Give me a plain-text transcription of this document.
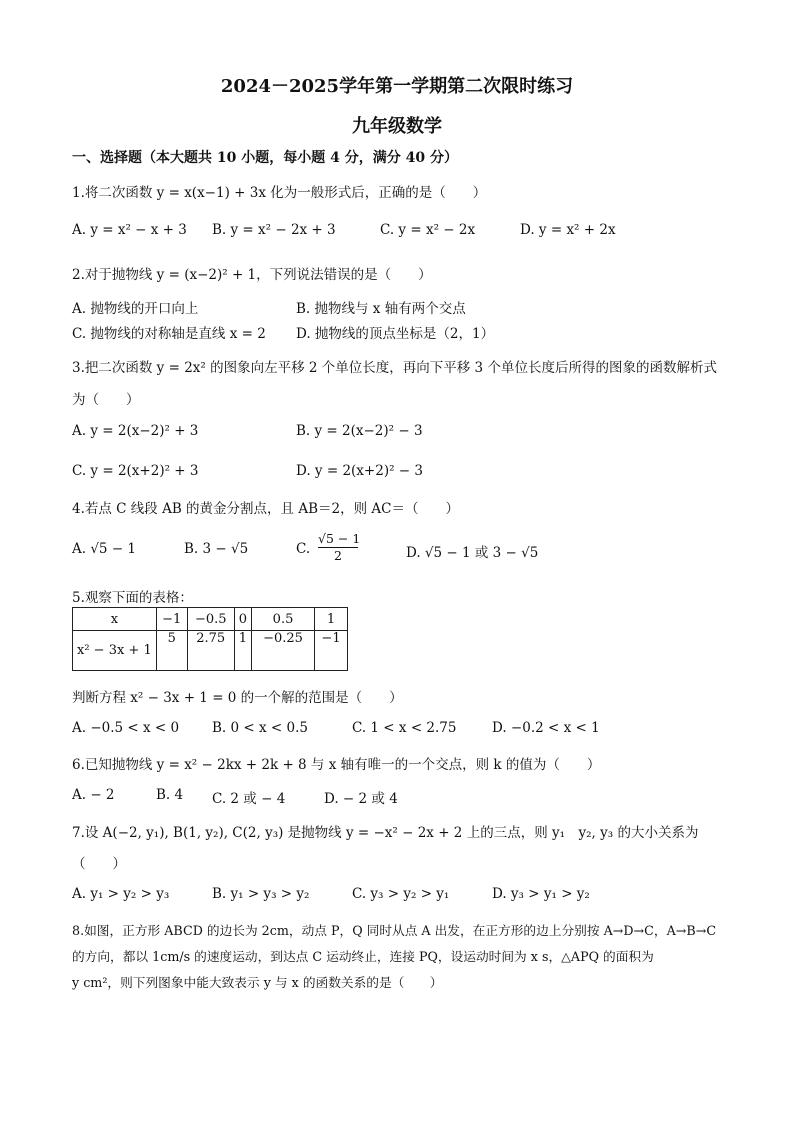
2024－2025学年第一学期第二次限时练习
九年级数学
一、选择题（本大题共 10 小题，每小题 4 分，满分 40 分）
1.将二次函数 y = x(x−1) + 3x 化为一般形式后，正确的是（　　）
A. y = x² − x + 3 B. y = x² − 2x + 3	C. y = x² − 2x	D. y = x² + 2x
2.对于抛物线 y = (x−2)² + 1，下列说法错误的是（　　）
A. 抛物线的开口向上	B. 抛物线与 x 轴有两个交点
C. 抛物线的对称轴是直线 x = 2 D. 抛物线的顶点坐标是（2，1）
3.把二次函数 y = 2x² 的图象向左平移 2 个单位长度，再向下平移 3 个单位长度后所得的图象的函数解析式
为（　　）
A. y = 2(x−2)² + 3	B. y = 2(x−2)² − 3
C. y = 2(x+2)² + 3	D. y = 2(x+2)² − 3
4.若点 C 线段 AB 的黄金分割点，且 AB＝2，则 AC＝（　　）
A. √5 − 1	B. 3 − √5	C. $\frac{√5 - 1}{2}$	D. √5 − 1 或 3 − √5
5.观察下面的表格：
x	−1	−0.5	0	0.5	1
x² − 3x + 1	5	2.75	1	−0.25	−1
判断方程 x² − 3x + 1 = 0 的一个解的范围是（　　）
A. −0.5 < x < 0 B. 0 < x < 0.5	C. 1 < x < 2.75	D. −0.2 < x < 1
6.已知抛物线 y = x² − 2kx + 2k + 8 与 x 轴有唯一的一个交点，则 k 的值为（　　）
A. − 2	B. 4 C. 2 或 − 4	D. − 2 或 4
7.设 A(−2, y₁), B(1, y₂), C(2, y₃) 是抛物线 y = −x² − 2x + 2 上的三点，则 y₁　y₂, y₃ 的大小关系为
（　　）
A. y₁ > y₂ > y₃	B. y₁ > y₃ > y₂	C. y₃ > y₂ > y₁	D. y₃ > y₁ > y₂
8.如图，正方形 ABCD 的边长为 2cm，动点 P，Q 同时从点 A 出发，在正方形的边上分别按 A→D→C，A→B→C
的方向，都以 1cm/s 的速度运动，到达点 C 运动终止，连接 PQ，设运动时间为 x s，△APQ 的面积为
y cm²，则下列图象中能大致表示 y 与 x 的函数关系的是（　　）
